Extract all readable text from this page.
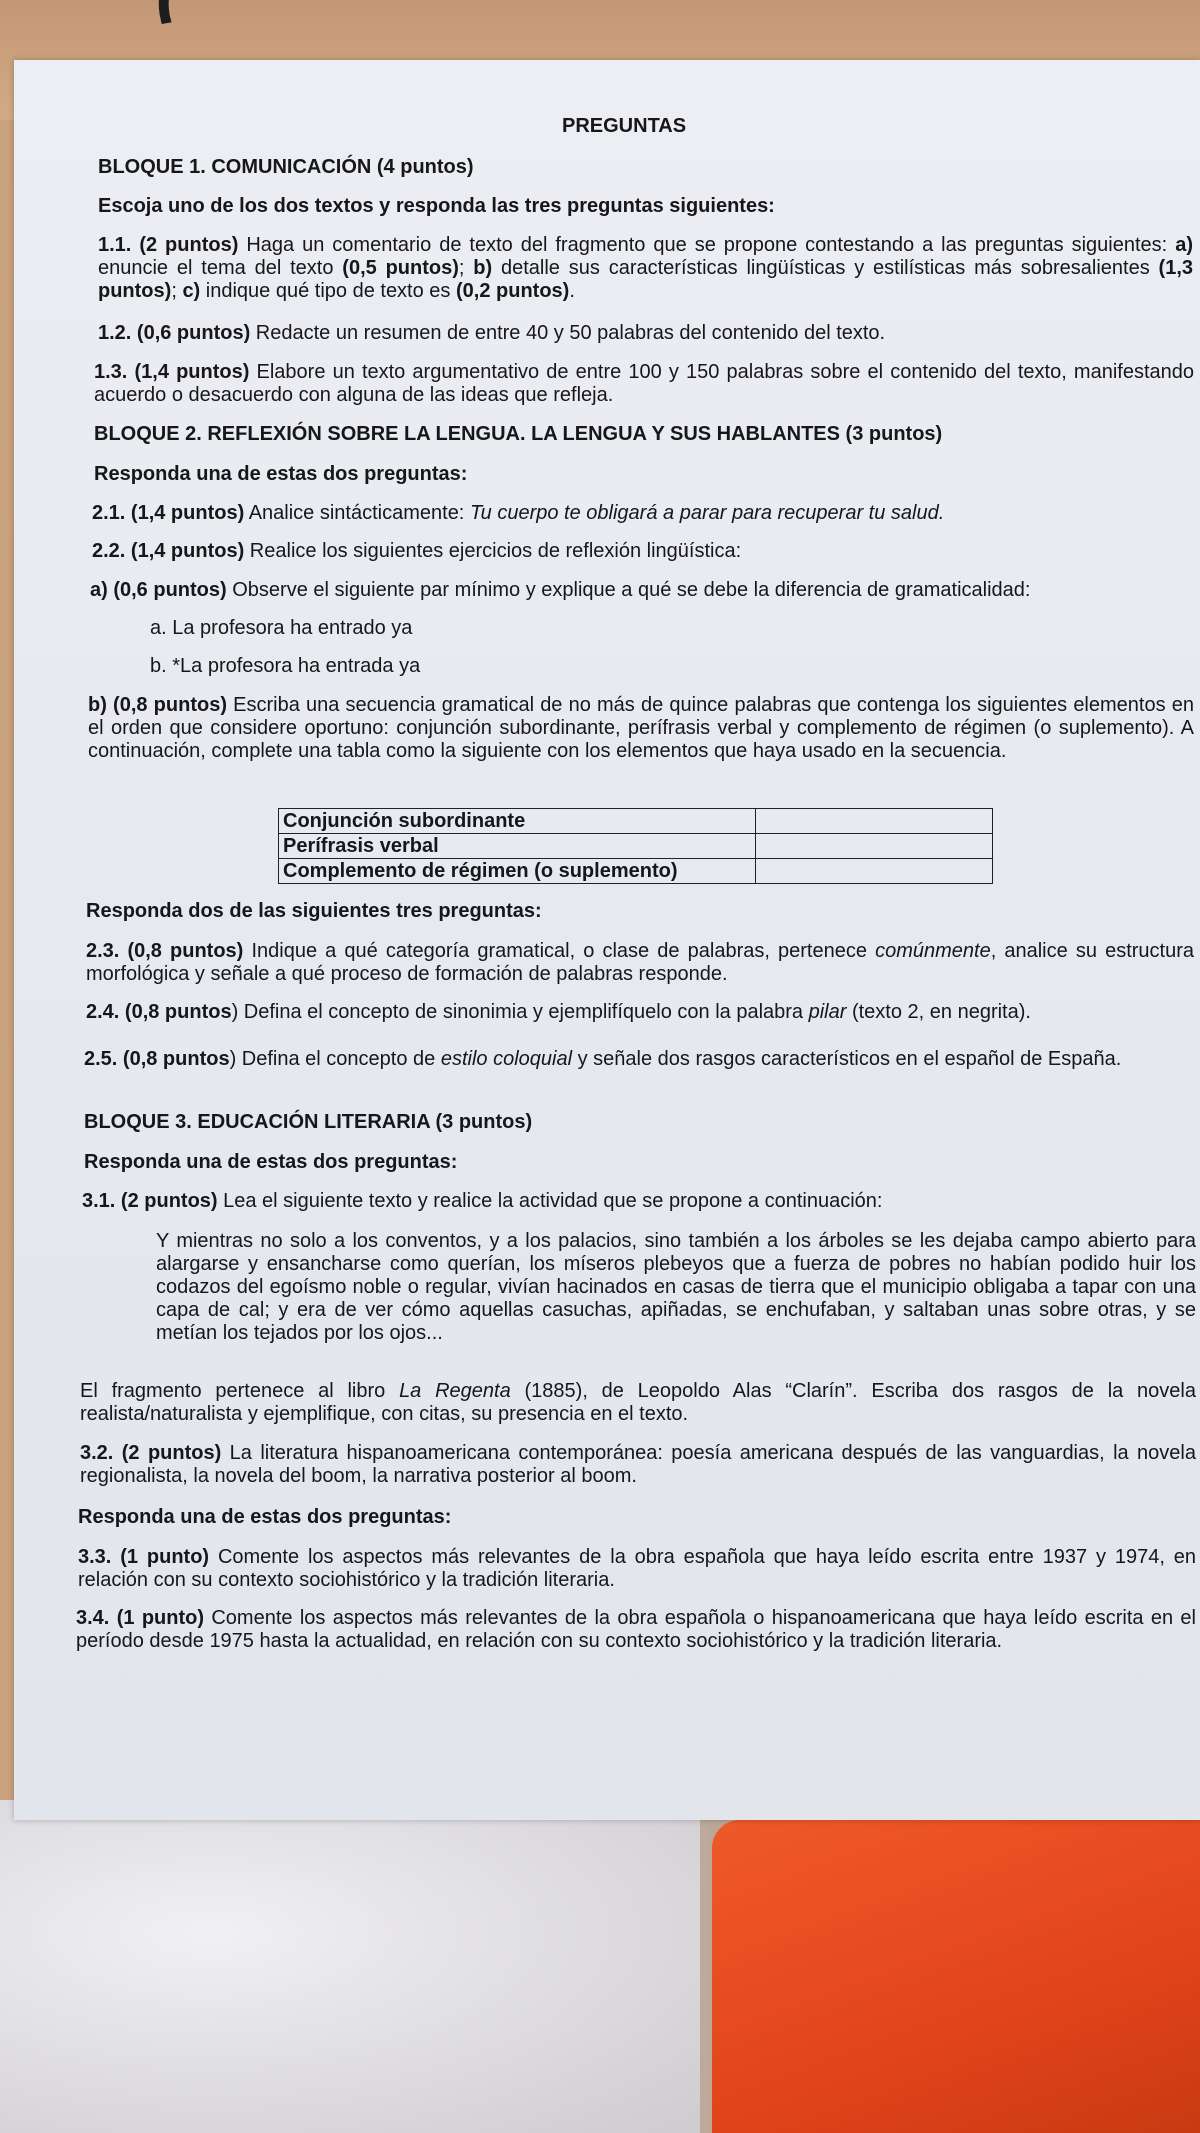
PREGUNTAS
BLOQUE 1. COMUNICACIÓN (4 puntos)
Escoja uno de los dos textos y responda las tres preguntas siguientes:

1.1. (2 puntos) Haga un comentario de texto del fragmento que se propone contestando a las preguntas siguientes: a) enuncie el tema del texto (0,5 puntos); b) detalle sus características lingüísticas y estilísticas más sobresalientes (1,3 puntos); c) indique qué tipo de texto es (0,2 puntos).

1.2. (0,6 puntos) Redacte un resumen de entre 40 y 50 palabras del contenido del texto.

1.3. (1,4 puntos) Elabore un texto argumentativo de entre 100 y 150 palabras sobre el contenido del texto, manifestando acuerdo o desacuerdo con alguna de las ideas que refleja.

BLOQUE 2. REFLEXIÓN SOBRE LA LENGUA. LA LENGUA Y SUS HABLANTES (3 puntos)
Responda una de estas dos preguntas:

2.1. (1,4 puntos) Analice sintácticamente: Tu cuerpo te obligará a parar para recuperar tu salud.

2.2. (1,4 puntos) Realice los siguientes ejercicios de reflexión lingüística:

a) (0,6 puntos) Observe el siguiente par mínimo y explique a qué se debe la diferencia de gramaticalidad:

a. La profesora ha entrado ya

b. *La profesora ha entrada ya

b) (0,8 puntos) Escriba una secuencia gramatical de no más de quince palabras que contenga los siguientes elementos en el orden que considere oportuno: conjunción subordinante, perífrasis verbal y complemento de régimen (o suplemento). A continuación, complete una tabla como la siguiente con los elementos que haya usado en la secuencia.

Conjunción subordinante	
Perífrasis verbal	
Complemento de régimen (o suplemento)	
Responda dos de las siguientes tres preguntas:

2.3. (0,8 puntos) Indique a qué categoría gramatical, o clase de palabras, pertenece comúnmente, analice su estructura morfológica y señale a qué proceso de formación de palabras responde.

2.4. (0,8 puntos) Defina el concepto de sinonimia y ejemplifíquelo con la palabra pilar (texto 2, en negrita).

2.5. (0,8 puntos) Defina el concepto de estilo coloquial y señale dos rasgos característicos en el español de España.

BLOQUE 3. EDUCACIÓN LITERARIA (3 puntos)
Responda una de estas dos preguntas:

3.1. (2 puntos) Lea el siguiente texto y realice la actividad que se propone a continuación:

Y mientras no solo a los conventos, y a los palacios, sino también a los árboles se les dejaba campo abierto para alargarse y ensancharse como querían, los míseros plebeyos que a fuerza de pobres no habían podido huir los codazos del egoísmo noble o regular, vivían hacinados en casas de tierra que el municipio obligaba a tapar con una capa de cal; y era de ver cómo aquellas casuchas, apiñadas, se enchufaban, y saltaban unas sobre otras, y se metían los tejados por los ojos...

El fragmento pertenece al libro La Regenta (1885), de Leopoldo Alas “Clarín”. Escriba dos rasgos de la novela realista/naturalista y ejemplifique, con citas, su presencia en el texto.

3.2. (2 puntos) La literatura hispanoamericana contemporánea: poesía americana después de las vanguardias, la novela regionalista, la novela del boom, la narrativa posterior al boom.

Responda una de estas dos preguntas:

3.3. (1 punto) Comente los aspectos más relevantes de la obra española que haya leído escrita entre 1937 y 1974, en relación con su contexto sociohistórico y la tradición literaria.

3.4. (1 punto) Comente los aspectos más relevantes de la obra española o hispanoamericana que haya leído escrita en el período desde 1975 hasta la actualidad, en relación con su contexto sociohistórico y la tradición literaria.
